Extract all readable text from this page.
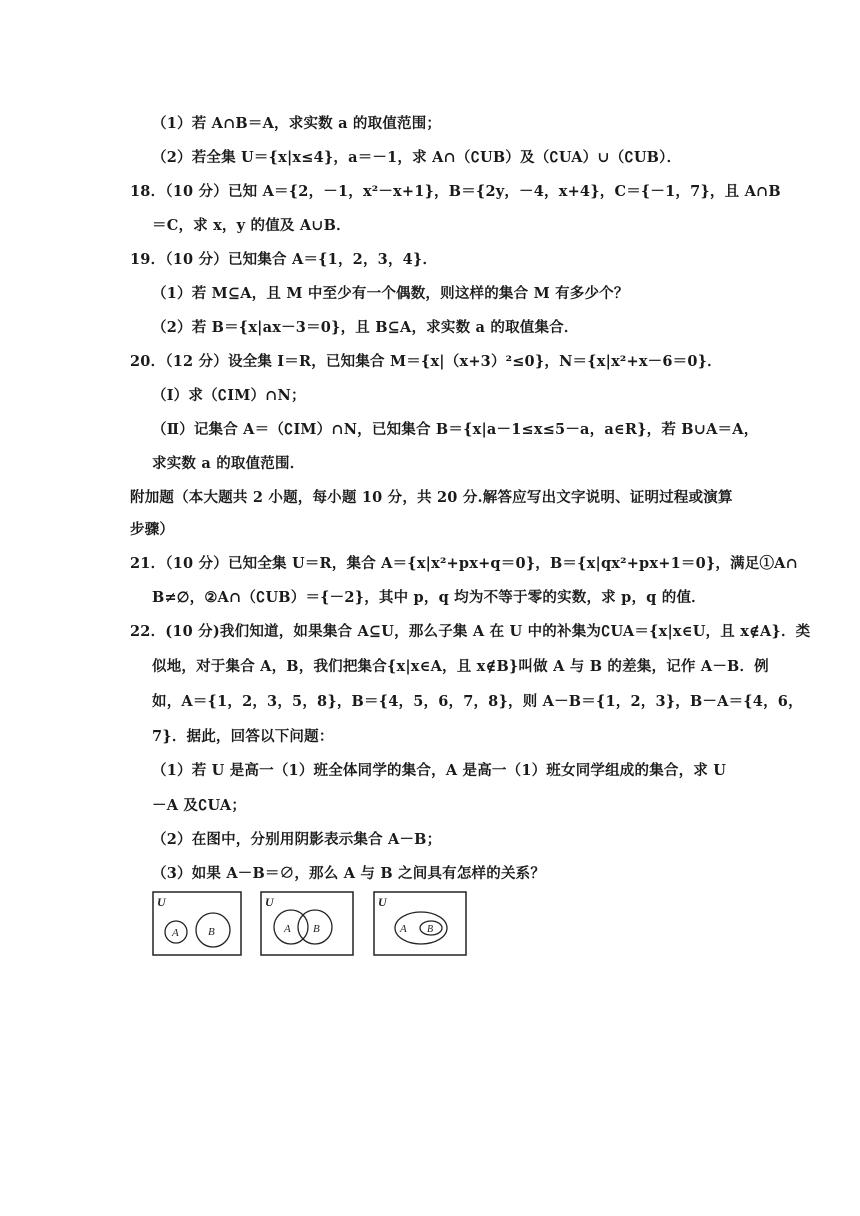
（1）若 A∩B＝A，求实数 a 的取值范围；
（2）若全集 U＝{x|x≤4}，a＝－1，求 A∩（∁UB）及（∁UA）∪（∁UB）．
18．（10 分）已知 A＝{2，－1，x²－x+1}，B＝{2y，－4，x+4}，C＝{－1，7}，且 A∩B
＝C，求 x，y 的值及 A∪B．
19．（10 分）已知集合 A＝{1，2，3，4}．
（1）若 M⊆A，且 M 中至少有一个偶数，则这样的集合 M 有多少个？
（2）若 B＝{x|ax－3＝0}，且 B⊆A，求实数 a 的取值集合．
20．（12 分）设全集 I＝R，已知集合 M＝{x|（x+3）²≤0}，N＝{x|x²+x－6＝0}．
（Ⅰ）求（∁IM）∩N；
（Ⅱ）记集合 A＝（∁IM）∩N，已知集合 B＝{x|a－1≤x≤5－a，a∈R}，若 B∪A＝A，
求实数 a 的取值范围．
附加题（本大题共 2 小题，每小题 10 分，共 20 分.解答应写出文字说明、证明过程或演算
步骤）
21．（10 分）已知全集 U＝R，集合 A＝{x|x²+px+q＝0}，B＝{x|qx²+px+1＝0}，满足①A∩
B≠∅，②A∩（∁UB）＝{－2}，其中 p，q 均为不等于零的实数，求 p，q 的值．
22．(10 分)我们知道，如果集合 A⊆U，那么子集 A 在 U 中的补集为∁UA＝{x|x∈U，且 x∉A}．类
似地，对于集合 A，B，我们把集合{x|x∈A，且 x∉B}叫做 A 与 B 的差集，记作 A－B．例
如，A＝{1，2，3，5，8}，B＝{4，5，6，7，8}，则 A－B＝{1，2，3}，B－A＝{4，6，
7}．据此，回答以下问题：
（1）若 U 是高一（1）班全体同学的集合，A 是高一（1）班女同学组成的集合，求 U
－A 及∁UA；
（2）在图中，分别用阴影表示集合 A－B；
（3）如果 A－B＝∅，那么 A 与 B 之间具有怎样的关系？
U
A	B
U
A B
U
A B
